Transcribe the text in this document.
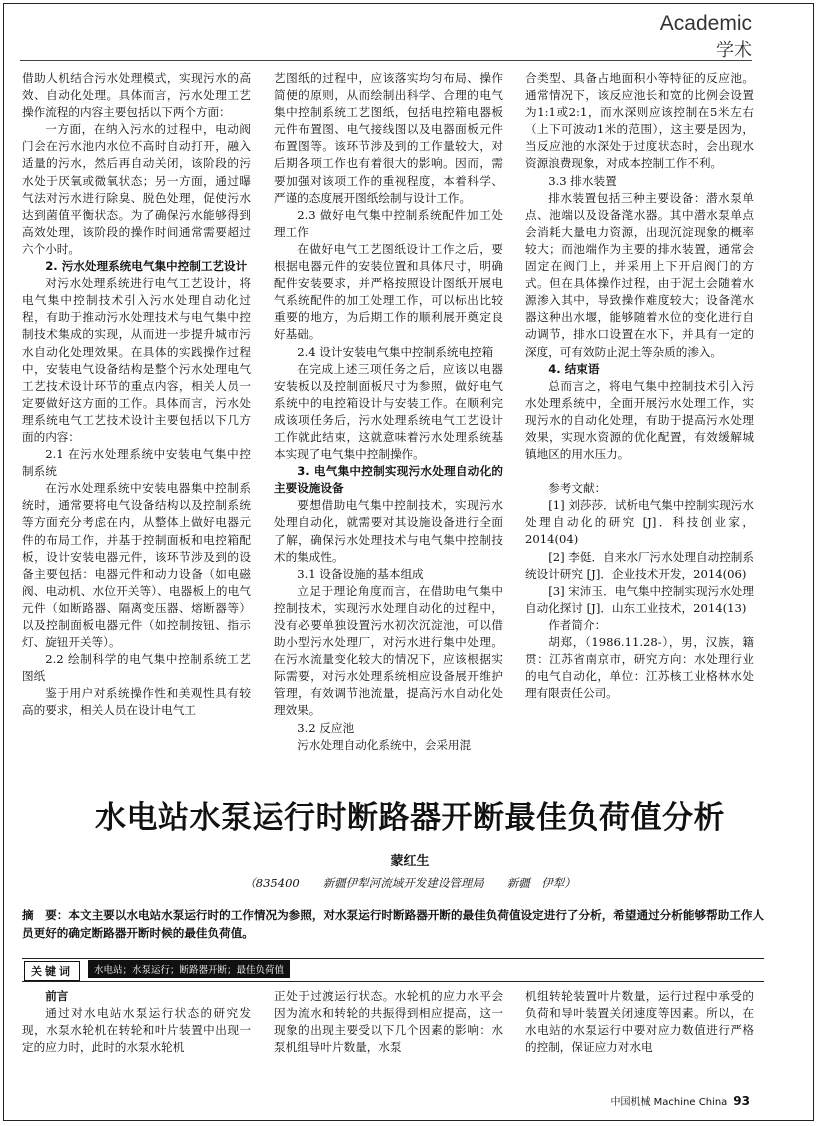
Academic
学术

借助人机结合污水处理模式，实现污水的高效、自动化处理。具体而言，污水处理工艺操作流程的内容主要包括以下两个方面：

一方面，在纳入污水的过程中，电动阀门会在污水池内水位不高时自动打开，融入适量的污水，然后再自动关闭，该阶段的污水处于厌氧或微氧状态；另一方面，通过曝气法对污水进行除臭、脱色处理，促使污水达到菌值平衡状态。为了确保污水能够得到高效处理，该阶段的操作时间通常需要超过六个小时。

2. 污水处理系统电气集中控制工艺设计

对污水处理系统进行电气工艺设计，将电气集中控制技术引入污水处理自动化过程，有助于推动污水处理技术与电气集中控制技术集成的实现，从而进一步提升城市污水自动化处理效果。在具体的实践操作过程中，安装电气设备结构是整个污水处理电气工艺技术设计环节的重点内容，相关人员一定要做好这方面的工作。具体而言，污水处理系统电气工艺技术设计主要包括以下几方面的内容：

2.1 在污水处理系统中安装电气集中控制系统

在污水处理系统中安装电器集中控制系统时，通常要将电气设备结构以及控制系统等方面充分考虑在内，从整体上做好电器元件的布局工作，并基于控制面板和电控箱配板，设计安装电器元件，该环节涉及到的设备主要包括：电器元件和动力设备（如电磁阀、电动机、水位开关等）、电器板上的电气元件（如断路器、隔离变压器、熔断器等）以及控制面板电器元件（如控制按钮、指示灯、旋钮开关等）。

2.2 绘制科学的电气集中控制系统工艺图纸

鉴于用户对系统操作性和美观性具有较高的要求，相关人员在设计电气工

艺图纸的过程中，应该落实均匀布局、操作简便的原则，从而绘制出科学、合理的电气集中控制系统工艺图纸，包括电控箱电器板元件布置图、电气接线图以及电器面板元件布置图等。该环节涉及到的工作量较大，对后期各项工作也有着很大的影响。因而，需要加强对该项工作的重视程度，本着科学、严谨的态度展开图纸绘制与设计工作。

2.3 做好电气集中控制系统配件加工处理工作

在做好电气工艺图纸设计工作之后，要根据电器元件的安装位置和具体尺寸，明确配件安装要求，并严格按照设计图纸开展电气系统配件的加工处理工作，可以标出比较重要的地方，为后期工作的顺利展开奠定良好基础。

2.4 设计安装电气集中控制系统电控箱

在完成上述三项任务之后，应该以电器安装板以及控制面板尺寸为参照，做好电气系统中的电控箱设计与安装工作。在顺利完成该项任务后，污水处理系统电气工艺设计工作就此结束，这就意味着污水处理系统基本实现了电气集中控制操作。

3. 电气集中控制实现污水处理自动化的主要设施设备

要想借助电气集中控制技术，实现污水处理自动化，就需要对其设施设备进行全面了解，确保污水处理技术与电气集中控制技术的集成性。

3.1 设备设施的基本组成

立足于理论角度而言，在借助电气集中控制技术，实现污水处理自动化的过程中，没有必要单独设置污水初次沉淀池，可以借助小型污水处理厂，对污水进行集中处理。在污水流量变化较大的情况下，应该根据实际需要，对污水处理系统相应设备展开维护管理，有效调节池流量，提高污水自动化处理效果。

3.2 反应池

污水处理自动化系统中，会采用混

合类型、具备占地面积小等特征的反应池。通常情况下，该反应池长和宽的比例会设置为1:1或2:1，而水深则应该控制在5米左右（上下可波动1米的范围），这主要是因为，当反应池的水深处于过度状态时，会出现水资源浪费现象，对成本控制工作不利。

3.3 排水装置

排水装置包括三种主要设备：潜水泵单点、池端以及设备滗水器。其中潜水泵单点会消耗大量电力资源，出现沉淀现象的概率较大；而池端作为主要的排水装置，通常会固定在阀门上，并采用上下开启阀门的方式。但在具体操作过程，由于泥土会随着水源渗入其中，导致操作难度较大；设备滗水器这种出水堰，能够随着水位的变化进行自动调节，排水口设置在水下，并具有一定的深度，可有效防止泥土等杂质的渗入。

4. 结束语

总而言之，将电气集中控制技术引入污水处理系统中，全面开展污水处理工作，实现污水的自动化处理，有助于提高污水处理效果，实现水资源的优化配置，有效缓解城镇地区的用水压力。

参考文献：

[1] 刘莎莎．试析电气集中控制实现污水处理自动化的研究 [J]．科技创业家，2014(04)

[2] 李侹．自来水厂污水处理自动控制系统设计研究 [J]．企业技术开发，2014(06)

[3] 宋沛玉．电气集中控制实现污水处理自动化探讨 [J]．山东工业技术，2014(13)

作者简介：

胡郑，（1986.11.28-），男，汉族，籍贯：江苏省南京市，研究方向：水处理行业的电气自动化，单位：江苏核工业格林水处理有限责任公司。

水电站水泵运行时断路器开断最佳负荷值分析
蒙红生
（835400　　新疆伊犁河流域开发建设管理局　　新疆　伊犁）
摘　要：本文主要以水电站水泵运行时的工作情况为参照，对水泵运行时断路器开断的最佳负荷值设定进行了分析，希望通过分析能够帮助工作人员更好的确定断路器开断时候的最佳负荷值。
关键词	水电站；水泵运行；断路器开断；最佳负荷值
前言

通过对水电站水泵运行状态的研究发现，水泵水轮机在转轮和叶片装置中出现一定的应力时，此时的水泵水轮机

正处于过渡运行状态。水轮机的应力水平会因为流水和转轮的共振得到相应提高，这一现象的出现主要受以下几个因素的影响：水泵机组导叶片数量，水泵

机组转轮装置叶片数量，运行过程中承受的负荷和导叶装置关闭速度等因素。所以，在水电站的水泵运行中要对应力数值进行严格的控制，保证应力对水电

中国机械 Machine China 93
